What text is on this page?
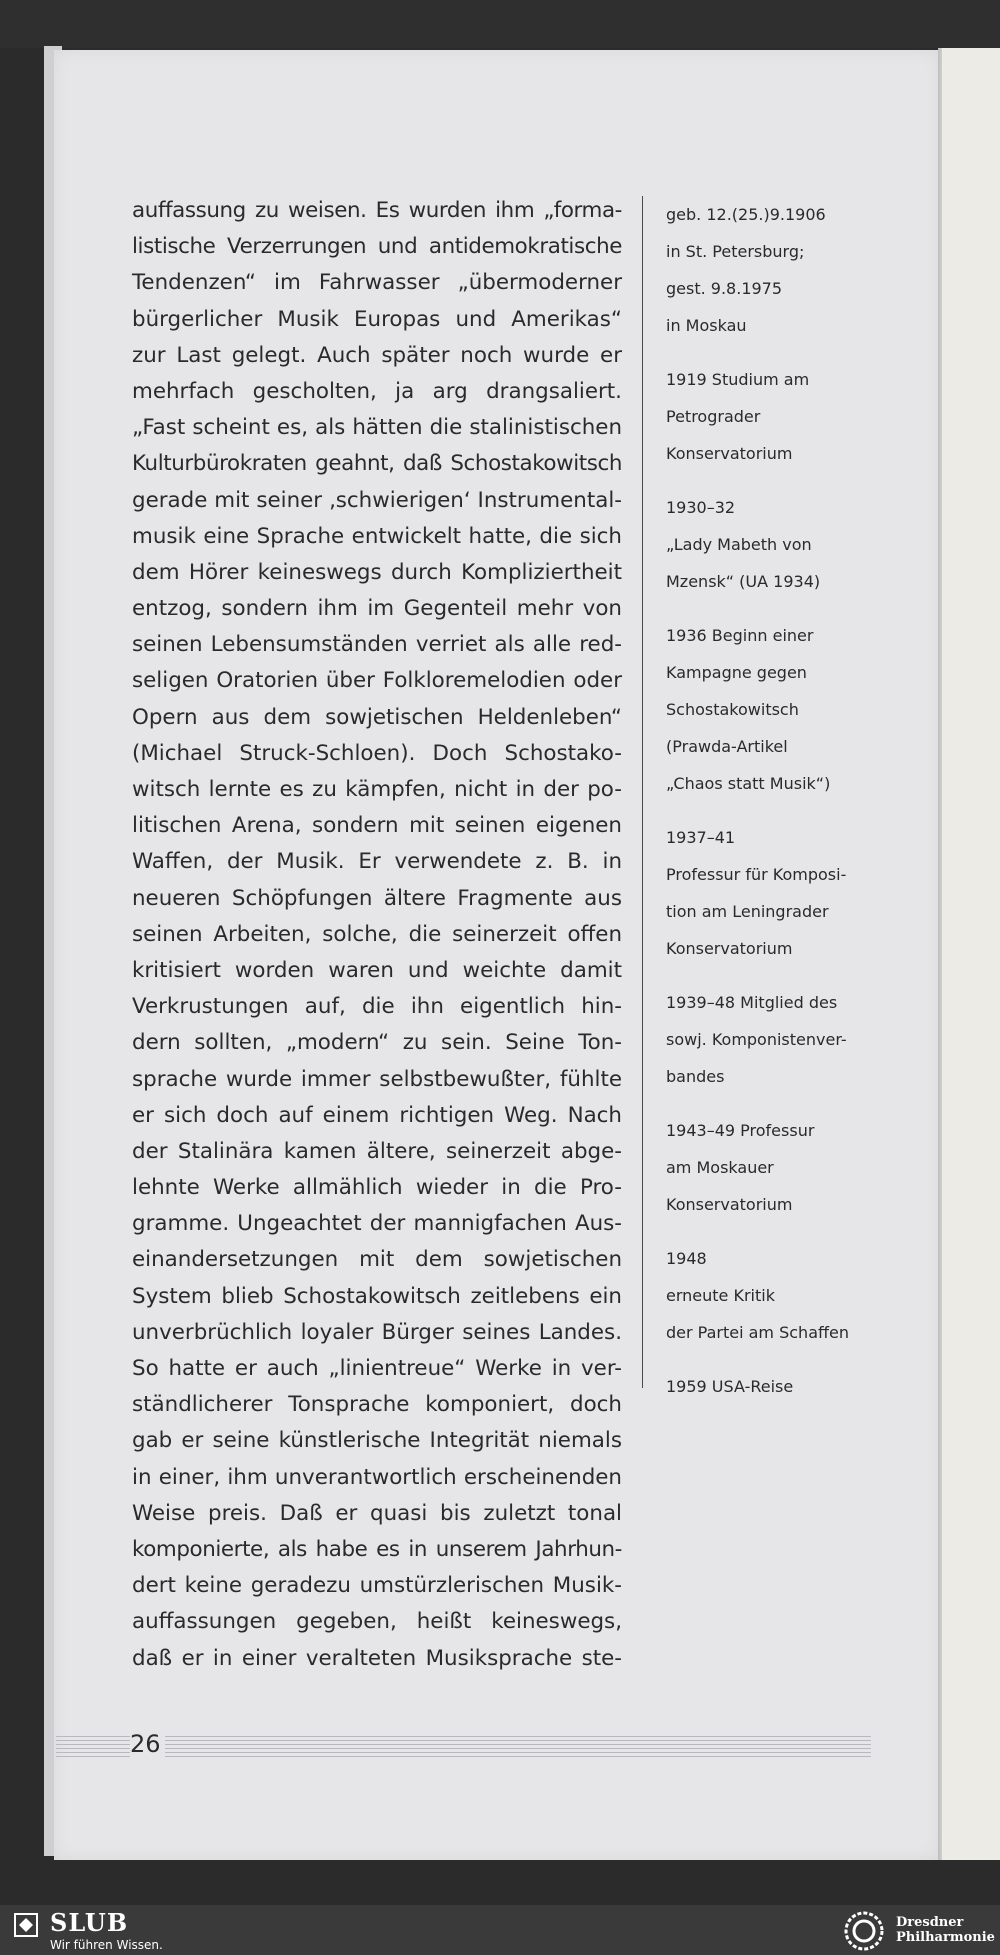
auffassung zu weisen. Es wurden ihm „forma-
listische Verzerrungen und antidemokratische
Tendenzen“ im Fahrwasser „übermoderner
bürgerlicher Musik Europas und Amerikas“
zur Last gelegt. Auch später noch wurde er
mehrfach gescholten, ja arg drangsaliert.
„Fast scheint es, als hätten die stalinistischen
Kulturbürokraten geahnt, daß Schostakowitsch
gerade mit seiner ‚schwierigen‘ Instrumental-
musik eine Sprache entwickelt hatte, die sich
dem Hörer keineswegs durch Kompliziertheit
entzog, sondern ihm im Gegenteil mehr von
seinen Lebensumständen verriet als alle red-
seligen Oratorien über Folkloremelodien oder
Opern aus dem sowjetischen Heldenleben“
(Michael Struck-Schloen). Doch Schostako-
witsch lernte es zu kämpfen, nicht in der po-
litischen Arena, sondern mit seinen eigenen
Waffen, der Musik. Er verwendete z. B. in
neueren Schöpfungen ältere Fragmente aus
seinen Arbeiten, solche, die seinerzeit offen
kritisiert worden waren und weichte damit
Verkrustungen auf, die ihn eigentlich hin-
dern sollten, „modern“ zu sein. Seine Ton-
sprache wurde immer selbstbewußter, fühlte
er sich doch auf einem richtigen Weg. Nach
der Stalinära kamen ältere, seinerzeit abge-
lehnte Werke allmählich wieder in die Pro-
gramme. Ungeachtet der mannigfachen Aus-
einandersetzungen mit dem sowjetischen
System blieb Schostakowitsch zeitlebens ein
unverbrüchlich loyaler Bürger seines Landes.
So hatte er auch „linientreue“ Werke in ver-
ständlicherer Tonsprache komponiert, doch
gab er seine künstlerische Integrität niemals
in einer, ihm unverantwortlich erscheinenden
Weise preis. Daß er quasi bis zuletzt tonal
komponierte, als habe es in unserem Jahrhun-
dert keine geradezu umstürzlerischen Musik-
auffassungen gegeben, heißt keineswegs,
daß er in einer veralteten Musiksprache ste-
geb. 12.(25.)9.1906
in St. Petersburg;
gest. 9.8.1975
in Moskau
1919 Studium am
Petrograder
Konservatorium
1930–32
„Lady Mabeth von
Mzensk“ (UA 1934)
1936 Beginn einer
Kampagne gegen
Schostakowitsch
(Prawda-Artikel
„Chaos statt Musik“)
1937–41
Professur für Komposi-
tion am Leningrader
Konservatorium
1939–48 Mitglied des
sowj. Komponistenver-
bandes
1943–49 Professur
am Moskauer
Konservatorium
1948
erneute Kritik
der Partei am Schaffen
1959 USA-Reise
26
SLUB
Wir führen Wissen.
Dresdner
Philharmonie
